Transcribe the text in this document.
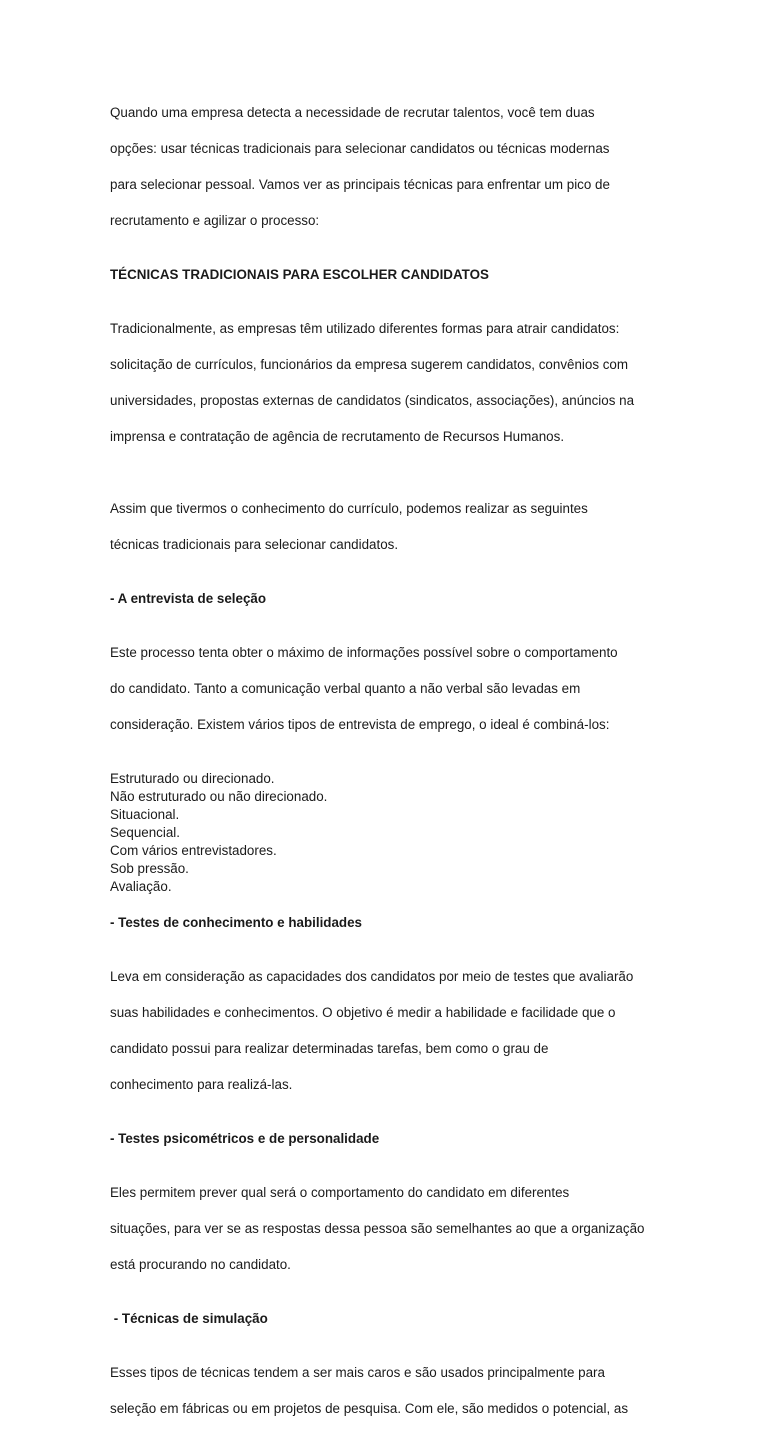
Quando uma empresa detecta a necessidade de recrutar talentos, você tem duas

opções: usar técnicas tradicionais para selecionar candidatos ou técnicas modernas

para selecionar pessoal. Vamos ver as principais técnicas para enfrentar um pico de

recrutamento e agilizar o processo:

TÉCNICAS TRADICIONAIS PARA ESCOLHER CANDIDATOS

Tradicionalmente, as empresas têm utilizado diferentes formas para atrair candidatos:

solicitação de currículos, funcionários da empresa sugerem candidatos, convênios com

universidades, propostas externas de candidatos (sindicatos, associações), anúncios na

imprensa e contratação de agência de recrutamento de Recursos Humanos.

Assim que tivermos o conhecimento do currículo, podemos realizar as seguintes

técnicas tradicionais para selecionar candidatos.

- A entrevista de seleção

Este processo tenta obter o máximo de informações possível sobre o comportamento

do candidato. Tanto a comunicação verbal quanto a não verbal são levadas em

consideração. Existem vários tipos de entrevista de emprego, o ideal é combiná-los:

Estruturado ou direcionado.
Não estruturado ou não direcionado.
Situacional.
Sequencial.
Com vários entrevistadores.
Sob pressão.
Avaliação.

- Testes de conhecimento e habilidades

Leva em consideração as capacidades dos candidatos por meio de testes que avaliarão

suas habilidades e conhecimentos. O objetivo é medir a habilidade e facilidade que o

candidato possui para realizar determinadas tarefas, bem como o grau de

conhecimento para realizá-las.

- Testes psicométricos e de personalidade

Eles permitem prever qual será o comportamento do candidato em diferentes

situações, para ver se as respostas dessa pessoa são semelhantes ao que a organização

está procurando no candidato.

- Técnicas de simulação

Esses tipos de técnicas tendem a ser mais caros e são usados principalmente para

seleção em fábricas ou em projetos de pesquisa. Com ele, são medidos o potencial, as
